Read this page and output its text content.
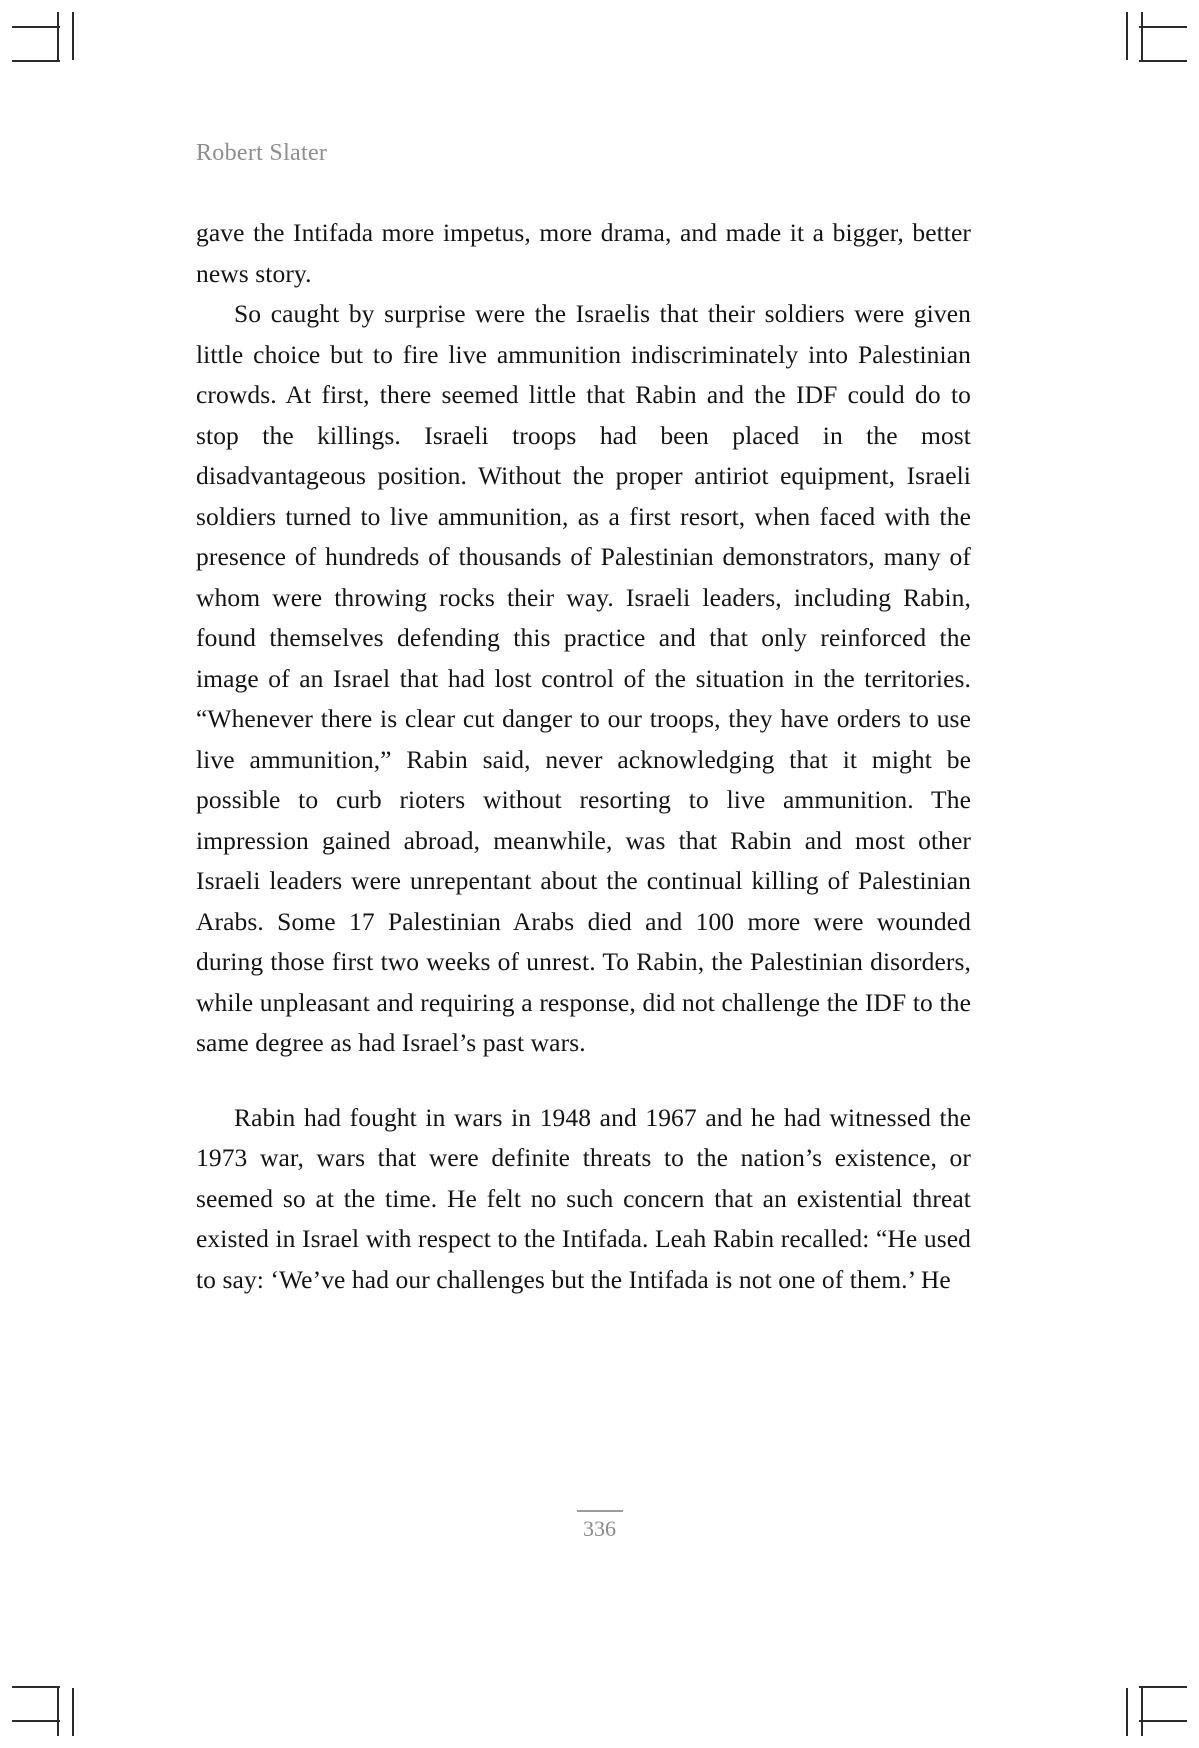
Robert Slater

gave the Intifada more impetus, more drama, and made it a bigger, better news story.

So caught by surprise were the Israelis that their soldiers were given little choice but to fire live ammunition indiscriminately into Palestinian crowds. At first, there seemed little that Rabin and the IDF could do to stop the killings. Israeli troops had been placed in the most disadvantageous position. Without the proper antiriot equipment, Israeli soldiers turned to live ammunition, as a first resort, when faced with the presence of hundreds of thousands of Palestinian demonstrators, many of whom were throwing rocks their way. Israeli leaders, including Rabin, found themselves defending this practice and that only reinforced the image of an Israel that had lost control of the situation in the territories. “Whenever there is clear cut danger to our troops, they have orders to use live ammunition,” Rabin said, never acknowledging that it might be possible to curb rioters without resorting to live ammunition. The impression gained abroad, meanwhile, was that Rabin and most other Israeli leaders were unrepentant about the continual killing of Palestinian Arabs. Some 17 Palestinian Arabs died and 100 more were wounded during those first two weeks of unrest. To Rabin, the Palestinian disorders, while unpleasant and requiring a response, did not challenge the IDF to the same degree as had Israel’s past wars.

Rabin had fought in wars in 1948 and 1967 and he had witnessed the 1973 war, wars that were definite threats to the nation’s existence, or seemed so at the time. He felt no such concern that an existential threat existed in Israel with respect to the Intifada. Leah Rabin recalled: “He used to say: ‘We’ve had our challenges but the Intifada is not one of them.’ He

336
